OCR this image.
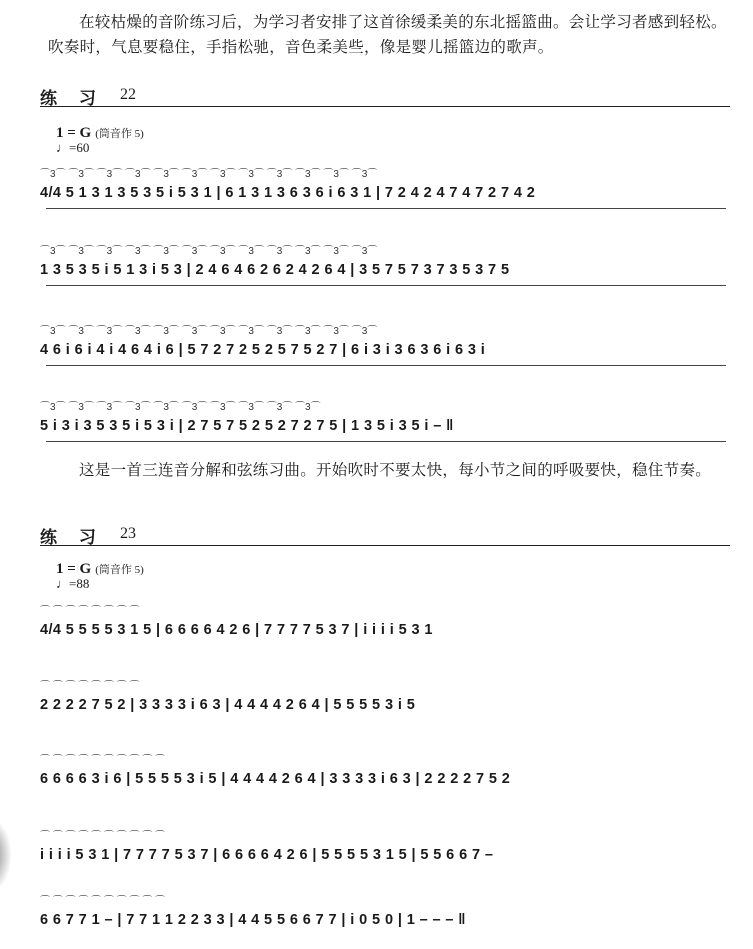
在较枯燥的音阶练习后，为学习者安排了这首徐缓柔美的东北摇篮曲。会让学习者感到轻松。吹奏时，气息要稳住，手指松驰，音色柔美些，像是婴儿摇篮边的歌声。

练 习 22
1 = G (筒音作 5)
♩=60
⌒3⌒ ⌒3⌒ ⌒3⌒ ⌒3⌒ ⌒3⌒ ⌒3⌒ ⌒3⌒ ⌒3⌒ ⌒3⌒ ⌒3⌒ ⌒3⌒ ⌒3⌒
4/4 5 1 3 1 3 5 3 5 i 5 3 1 | 6 1 3 1 3 6 3 6 i 6 3 1 | 7 2 4 2 4 7 4 7 2 7 4 2
⌒3⌒ ⌒3⌒ ⌒3⌒ ⌒3⌒ ⌒3⌒ ⌒3⌒ ⌒3⌒ ⌒3⌒ ⌒3⌒ ⌒3⌒ ⌒3⌒ ⌒3⌒
1 3 5 3 5 i 5 1 3 i 5 3 | 2 4 6 4 6 2 6 2 4 2 6 4 | 3 5 7 5 7 3 7 3 5 3 7 5
⌒3⌒ ⌒3⌒ ⌒3⌒ ⌒3⌒ ⌒3⌒ ⌒3⌒ ⌒3⌒ ⌒3⌒ ⌒3⌒ ⌒3⌒ ⌒3⌒ ⌒3⌒
4 6 i 6 i 4 i 4 6 4 i 6 | 5 7 2 7 2 5 2 5 7 5 2 7 | 6 i 3 i 3 6 3 6 i 6 3 i
⌒3⌒ ⌒3⌒ ⌒3⌒ ⌒3⌒ ⌒3⌒ ⌒3⌒ ⌒3⌒ ⌒3⌒ ⌒3⌒ ⌒3⌒
5 i 3 i 3 5 3 5 i 5 3 i | 2 7 5 7 5 2 5 2 7 2 7 5 | 1 3 5 i 3 5 i – ‖

这是一首三连音分解和弦练习曲。开始吹时不要太快，每小节之间的呼吸要快，稳住节奏。

练 习 23
1 = G (筒音作 5)
♩=88
⌒ ⌒ ⌒ ⌒ ⌒ ⌒ ⌒ ⌒
4/4 5 5 5 5 3 1 5 | 6 6 6 6 4 2 6 | 7 7 7 7 5 3 7 | i i i i 5 3 1
⌒ ⌒ ⌒ ⌒ ⌒ ⌒ ⌒ ⌒
2 2 2 2 7 5 2 | 3 3 3 3 i 6 3 | 4 4 4 4 2 6 4 | 5 5 5 5 3 i 5
⌒ ⌒ ⌒ ⌒ ⌒ ⌒ ⌒ ⌒ ⌒ ⌒
6 6 6 6 3 i 6 | 5 5 5 5 3 i 5 | 4 4 4 4 2 6 4 | 3 3 3 3 i 6 3 | 2 2 2 2 7 5 2
⌒ ⌒ ⌒ ⌒ ⌒ ⌒ ⌒ ⌒ ⌒ ⌒
i i i i 5 3 1 | 7 7 7 7 5 3 7 | 6 6 6 6 4 2 6 | 5 5 5 5 3 1 5 | 5 5 6 6 7 –
⌒ ⌒ ⌒ ⌒ ⌒ ⌒ ⌒ ⌒ ⌒ ⌒
6 6 7 7 1 – | 7 7 1 1 2 2 3 3 | 4 4 5 5 6 6 7 7 | i 0 5 0 | 1 – – – ‖
